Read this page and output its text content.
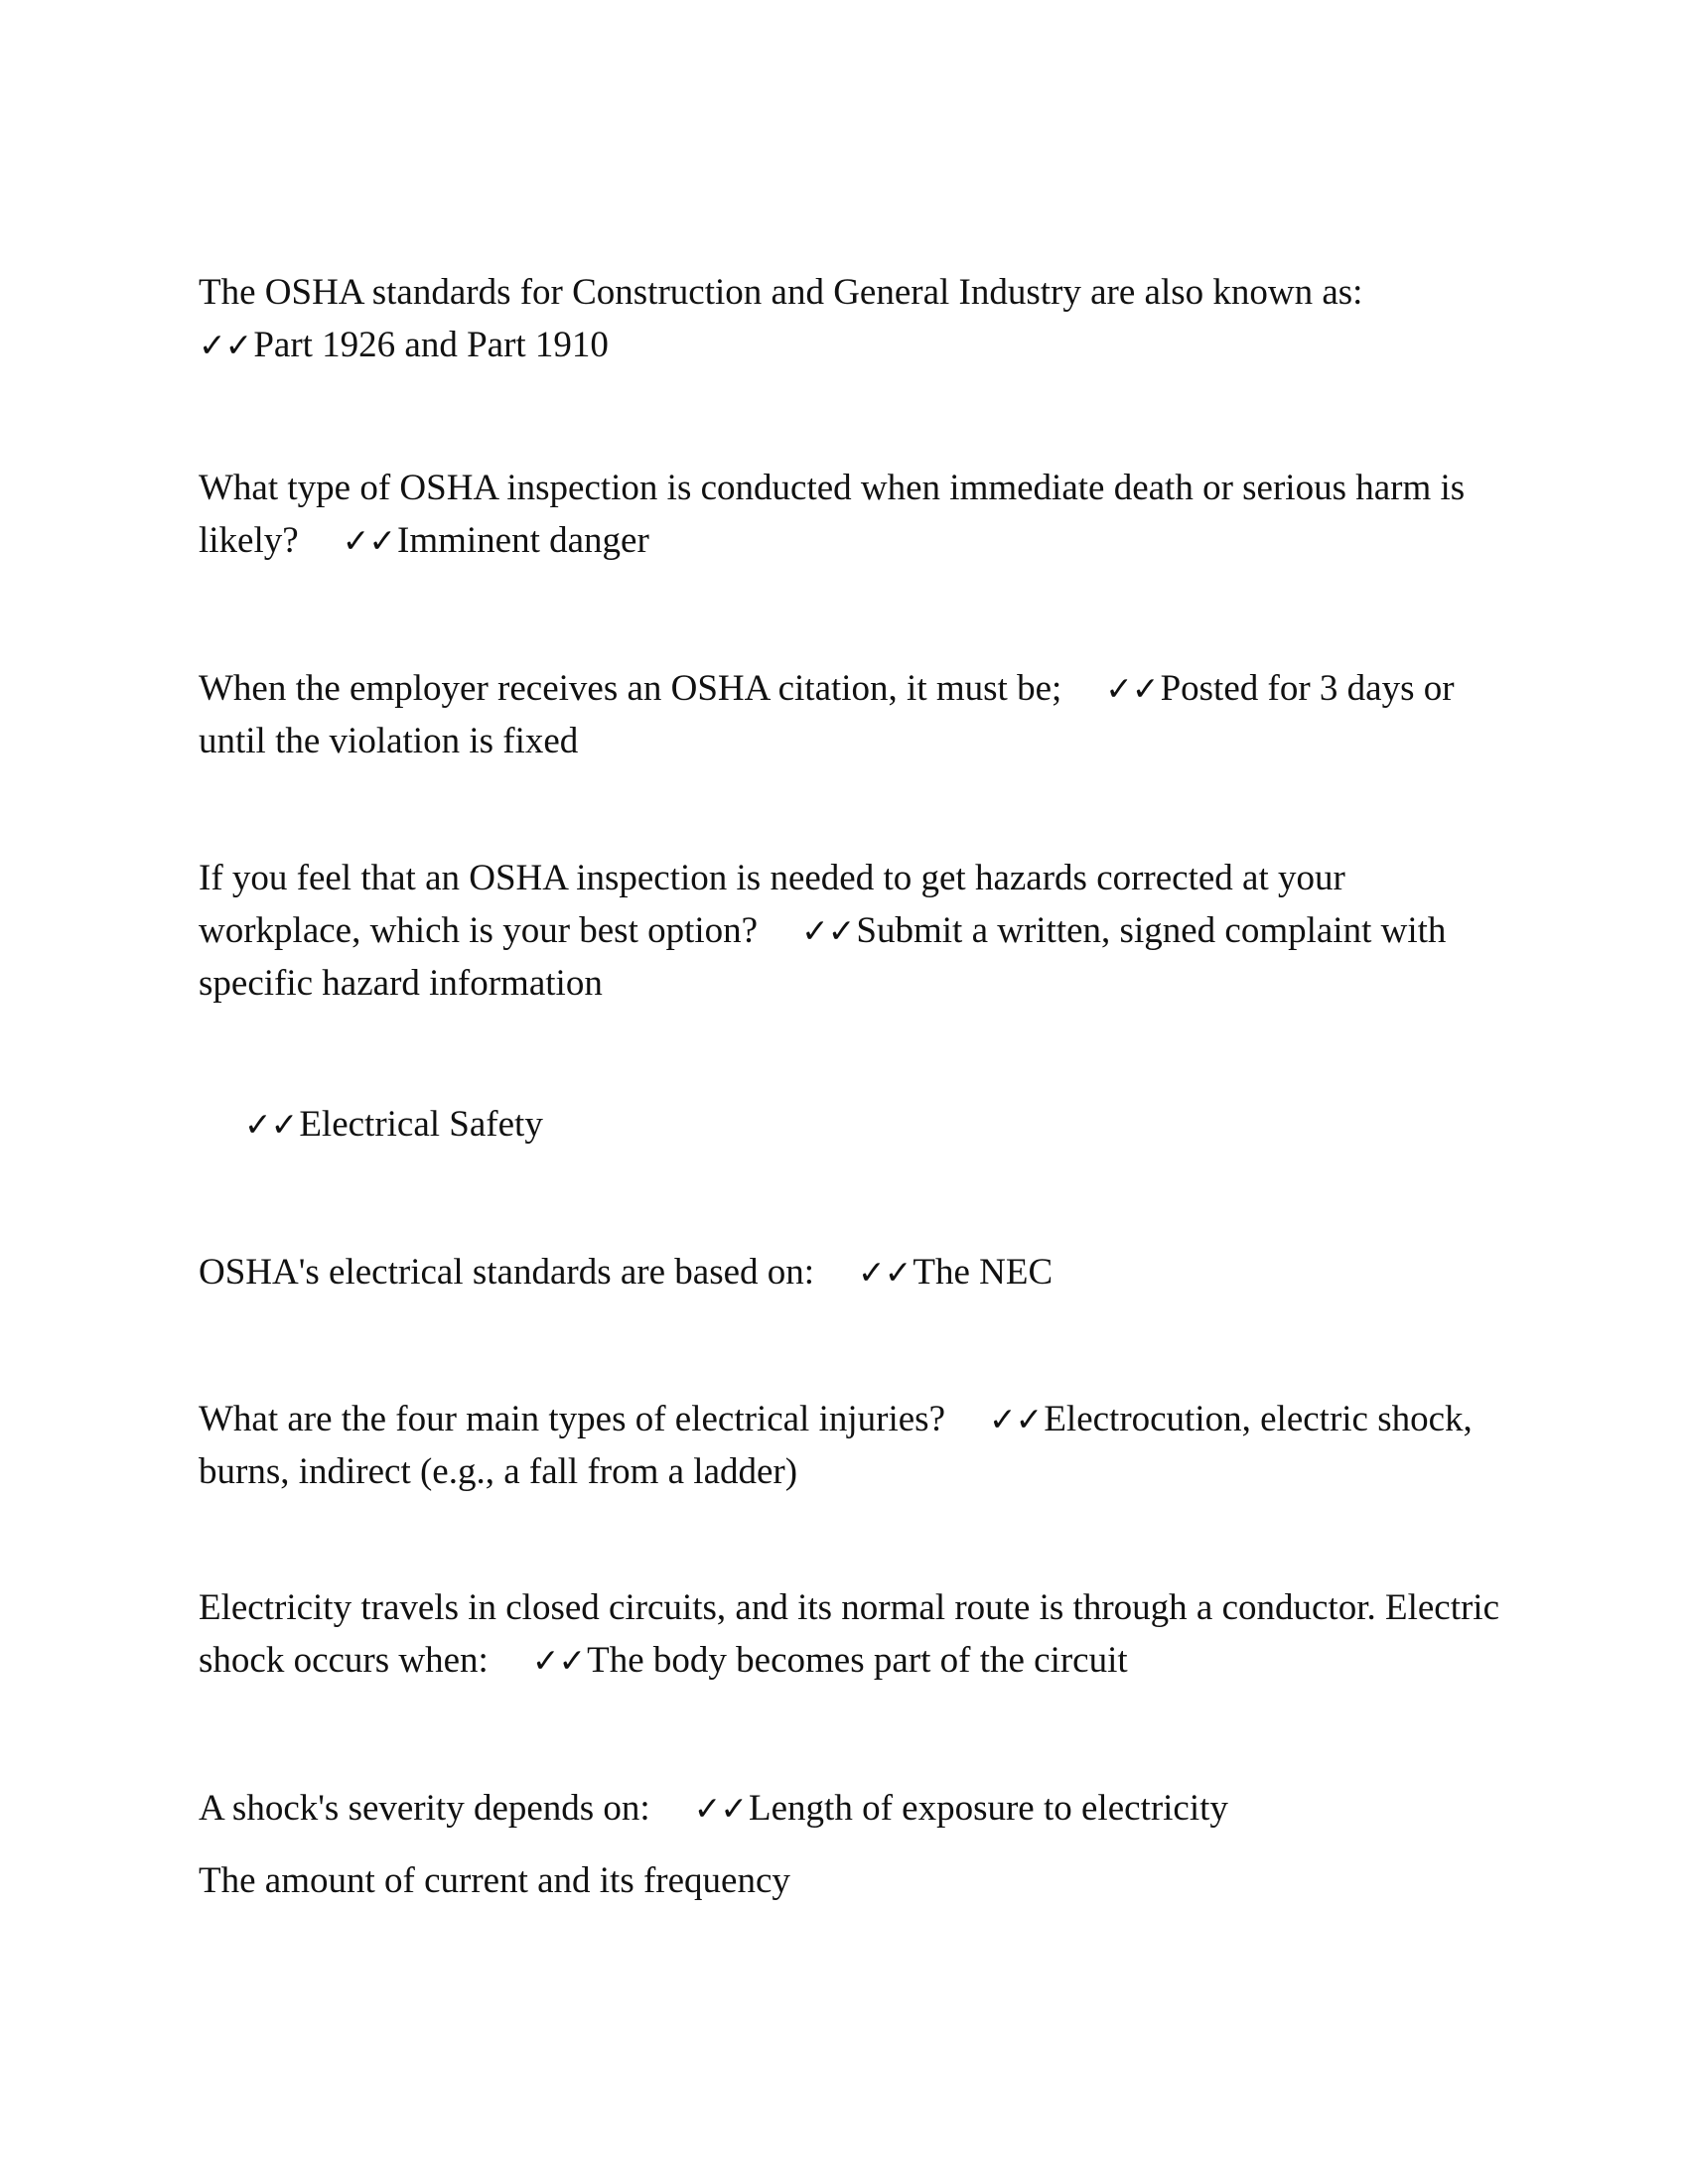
The OSHA standards for Construction and General Industry are also known as:
✓✓Part 1926 and Part 1910
What type of OSHA inspection is conducted when immediate death or serious harm is likely? ✓✓Imminent danger
When the employer receives an OSHA citation, it must be; ✓✓Posted for 3 days or until the violation is fixed
If you feel that an OSHA inspection is needed to get hazards corrected at your workplace, which is your best option? ✓✓Submit a written, signed complaint with specific hazard information
✓✓Electrical Safety
OSHA's electrical standards are based on: ✓✓The NEC
What are the four main types of electrical injuries? ✓✓Electrocution, electric shock, burns, indirect (e.g., a fall from a ladder)
Electricity travels in closed circuits, and its normal route is through a conductor. Electric shock occurs when: ✓✓The body becomes part of the circuit
A shock's severity depends on: ✓✓Length of exposure to electricity
The amount of current and its frequency
